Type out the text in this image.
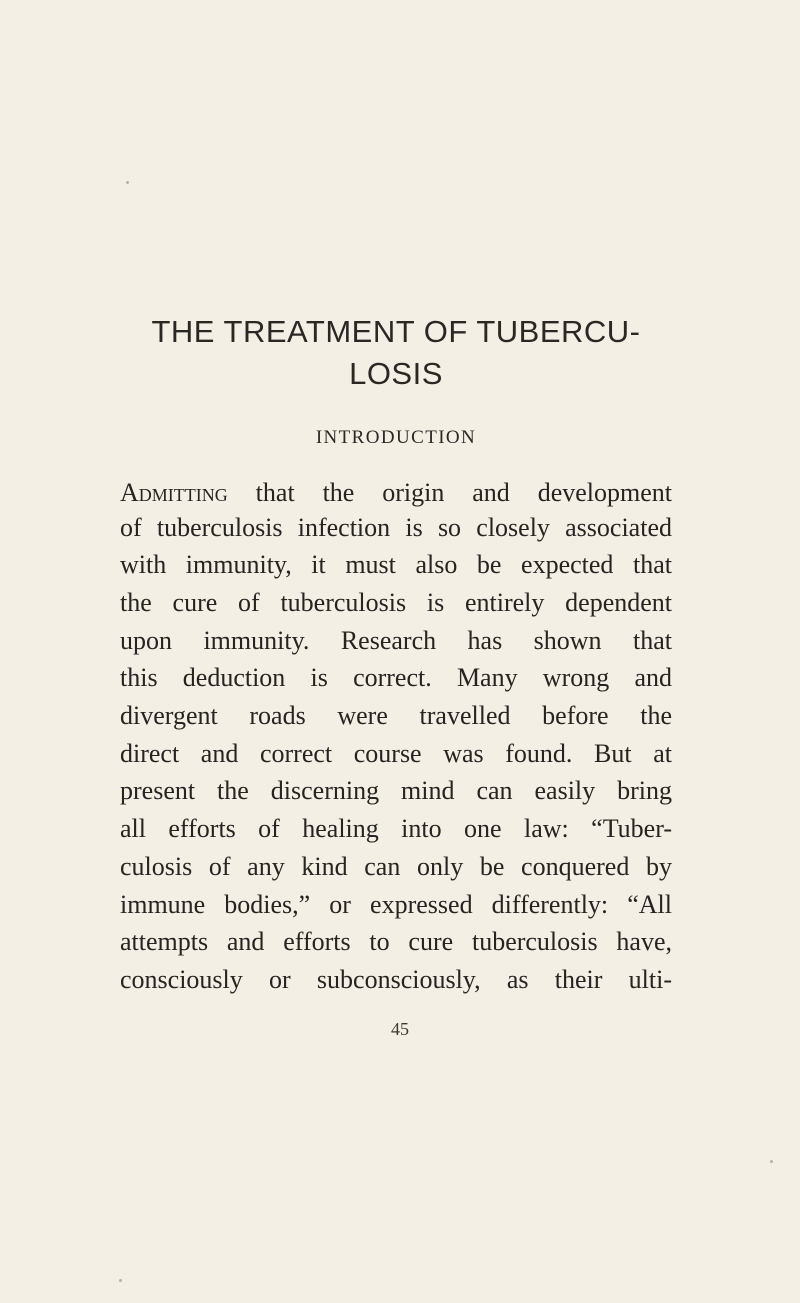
THE TREATMENT OF TUBERCU-
LOSIS
INTRODUCTION
Admitting that the origin and development
of tuberculosis infection is so closely associated
with immunity, it must also be expected that
the cure of tuberculosis is entirely dependent
upon immunity. Research has shown that
this deduction is correct. Many wrong and
divergent roads were travelled before the
direct and correct course was found. But at
present the discerning mind can easily bring
all efforts of healing into one law: “Tuber-
culosis of any kind can only be conquered by
immune bodies,” or expressed differently: “All
attempts and efforts to cure tuberculosis have,
consciously or subconsciously, as their ulti-
45
